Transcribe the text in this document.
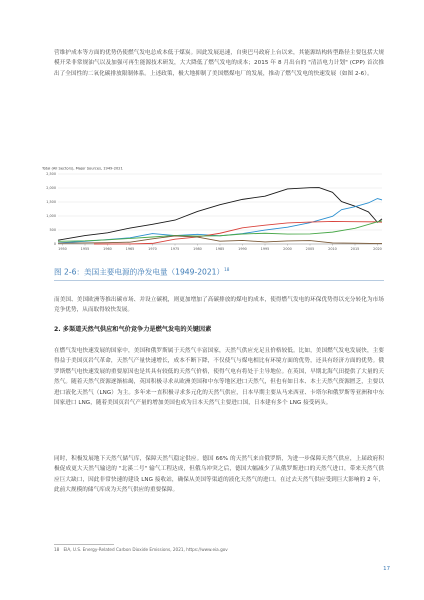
营维护成本等方面的优势仍使燃气发电总成本低于煤炭。因此发展迅速，自奥巴马政府上台以来，其能源结构转型路径主要包括大规模开采非常规油气以及加强可再生能源技术研发，大大降低了燃气发电的成本；2015 年 8 月出台的 "清洁电力计划" (CPP) 首次推出了全国性的二氧化碳排放限制体系。上述政策，极大地抑制了美国燃煤电厂的发展，推动了燃气发电的快速发展（如图 2-6）。

Total (All Sectors), Major Sources, 1949-2021
0
500
1,000
1,500
2,000
2,500
1950	1955	1960	1965	1970	1975	1980	1985	1990	1995	2000	2005	2010	2015	2020
图 2-6：美国主要电源的净发电量（1949-2021）$^{18}$

而美国、美国欧洲等推出碳市场、并设立碳税，则更加增加了高碳排放的煤电的成本，使得燃气发电的环保优势得以充分转化为市场竞争优势，从而取得较快发展。

2. 多渠道天然气供应和气价竞争力是燃气发电的关键因素

在燃气发电快速发展的国家中，美国和俄罗斯属于天然气丰富国家，天然气供应充足且价格较低。比如，美国燃气发电发展快，主要得益于美国页岩气革命，天然气产量快速增长，成本不断下降，不仅使气与煤电相比有环境方面的优势，还具有经济方面的优势。俄罗斯燃气电快速发展的重要原因也是其具有较低的天然气价格，使得气电有将处于主导地位。在英国，早期北海气田提供了大量的天然气。随着天然气资源逐渐枯竭，英国积极寻求从欧洲美国和中东等地区进口天然气，但也有如日本、本土天然气资源匮乏，主要以进口液化天然气（LNG）为主。多年来一直积极寻求多元化的天然气供应，日本早期主要从马来西亚、卡塔尔和俄罗斯等亚洲和中东国家进口 LNG，随着美国页岩气产量的增加美国也成为日本天然气主要进口国，日本建有多个 LNG 接受码头。

同时，积极发展地下天然气储气库，保障天然气稳定供应。德国 66% 的天然气来自俄罗斯，为进一步保障天然气供应，上届政府积极促成更大天然气输送的 "北溪二号" 输气工程达成，但俄乌冲突之后，德国大幅减少了从俄罗斯进口的天然气进口，带来天然气供应巨大缺口，因此非常快速的建设 LNG 接收站，确保从美国等渠道的液化天然气的进口。在过去天然气供应受到巨大影响的 2 年，此前大规模的储气库成为天然气供应的重要保障。

18　EIA, U.S. Energy-Related Carbon Dioxide Emissions, 2021, https://www.eia.gov
17
